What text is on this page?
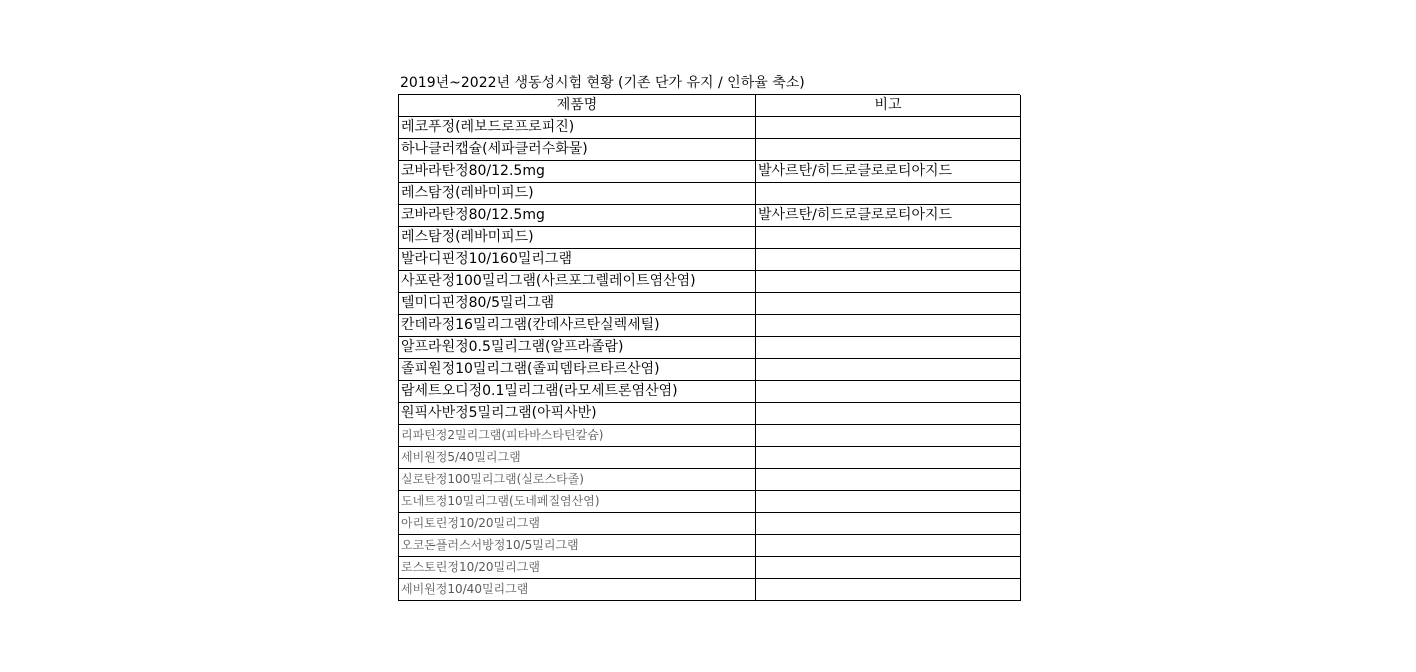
2019년~2022년 생동성시험 현황 (기존 단가 유지 / 인하율 축소)
제품명	비고
레코푸정(레보드로프로피진)	
하나클러캡슐(세파클러수화물)	
코바라탄정80/12.5mg	발사르탄/히드로클로로티아지드
레스탐정(레바미피드)	
코바라탄정80/12.5mg	발사르탄/히드로클로로티아지드
레스탐정(레바미피드)	
발라디핀정10/160밀리그램	
사포란정100밀리그램(사르포그렐레이트염산염)	
텔미디핀정80/5밀리그램	
칸데라정16밀리그램(칸데사르탄실렉세틸)	
알프라원정0.5밀리그램(알프라졸람)	
졸피원정10밀리그램(졸피뎀타르타르산염)	
람세트오디정0.1밀리그램(라모세트론염산염)	
원픽사반정5밀리그램(아픽사반)	
리파틴정2밀리그램(피타바스타틴칼슘)	
세비원정5/40밀리그램	
실로탄정100밀리그램(실로스타졸)	
도네트정10밀리그램(도네페질염산염)	
아리토린정10/20밀리그램	
오코돈플러스서방정10/5밀리그램	
로스토린정10/20밀리그램	
세비원정10/40밀리그램	
